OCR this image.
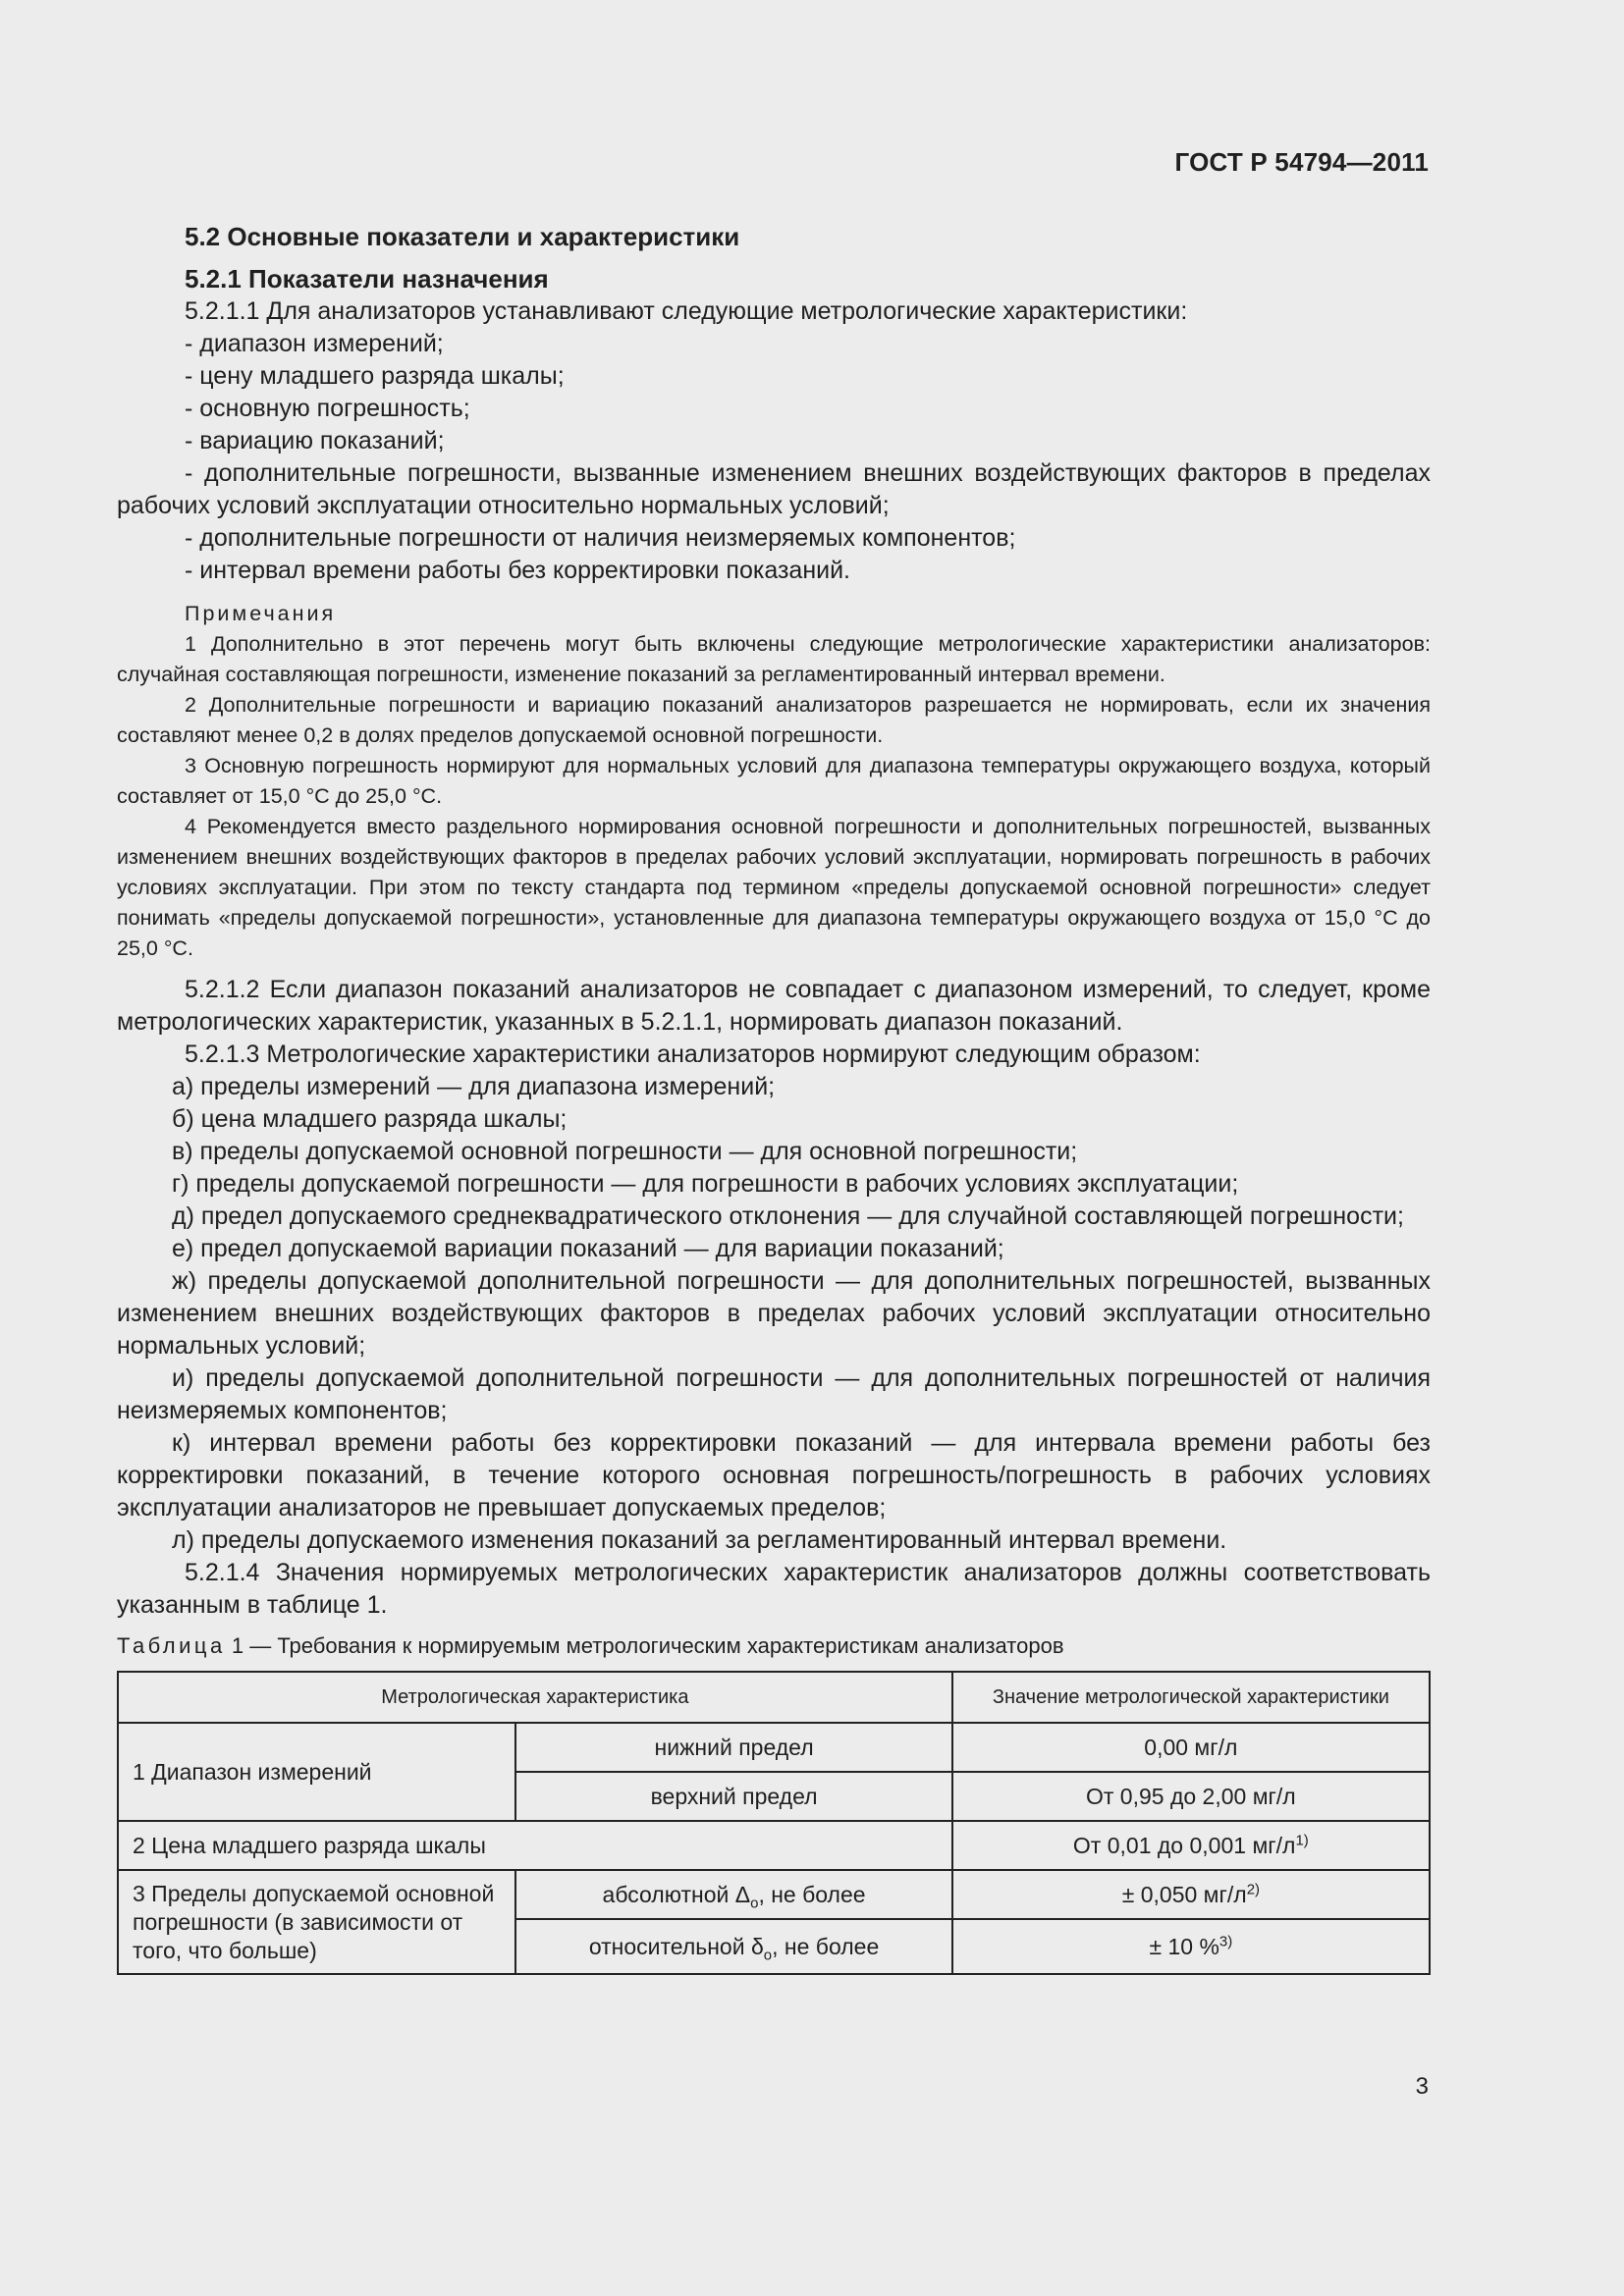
ГОСТ Р 54794—2011
5.2 Основные показатели и характеристики
5.2.1 Показатели назначения
5.2.1.1 Для анализаторов устанавливают следующие метрологические характеристики:
- диапазон измерений;
- цену младшего разряда шкалы;
- основную погрешность;
- вариацию показаний;
- дополнительные погрешности, вызванные изменением внешних воздействующих факторов в пределах рабочих условий эксплуатации относительно нормальных условий;
- дополнительные погрешности от наличия неизмеряемых компонентов;
- интервал времени работы без корректировки показаний.
Примечания
1 Дополнительно в этот перечень могут быть включены следующие метрологические характеристики анализаторов: случайная составляющая погрешности, изменение показаний за регламентированный интервал времени.
2 Дополнительные погрешности и вариацию показаний анализаторов разрешается не нормировать, если их значения составляют менее 0,2 в долях пределов допускаемой основной погрешности.
3 Основную погрешность нормируют для нормальных условий для диапазона температуры окружающего воздуха, который составляет от 15,0 °С до 25,0 °С.
4 Рекомендуется вместо раздельного нормирования основной погрешности и дополнительных погрешностей, вызванных изменением внешних воздействующих факторов в пределах рабочих условий эксплуатации, нормировать погрешность в рабочих условиях эксплуатации. При этом по тексту стандарта под термином «пределы допускаемой основной погрешности» следует понимать «пределы допускаемой погрешности», установленные для диапазона температуры окружающего воздуха от 15,0 °С до 25,0 °С.
5.2.1.2 Если диапазон показаний анализаторов не совпадает с диапазоном измерений, то следует, кроме метрологических характеристик, указанных в 5.2.1.1, нормировать диапазон показаний.
5.2.1.3 Метрологические характеристики анализаторов нормируют следующим образом:
а) пределы измерений — для диапазона измерений;
б) цена младшего разряда шкалы;
в) пределы допускаемой основной погрешности — для основной погрешности;
г) пределы допускаемой погрешности — для погрешности в рабочих условиях эксплуатации;
д) предел допускаемого среднеквадратического отклонения — для случайной составляющей погрешности;
е) предел допускаемой вариации показаний — для вариации показаний;
ж) пределы допускаемой дополнительной погрешности — для дополнительных погрешностей, вызванных изменением внешних воздействующих факторов в пределах рабочих условий эксплуатации относительно нормальных условий;
и) пределы допускаемой дополнительной погрешности — для дополнительных погрешностей от наличия неизмеряемых компонентов;
к) интервал времени работы без корректировки показаний — для интервала времени работы без корректировки показаний, в течение которого основная погрешность/погрешность в рабочих условиях эксплуатации анализаторов не превышает допускаемых пределов;
л) пределы допускаемого изменения показаний за регламентированный интервал времени.
5.2.1.4 Значения нормируемых метрологических характеристик анализаторов должны соответствовать указанным в таблице 1.
Таблица 1 — Требования к нормируемым метрологическим характеристикам анализаторов
Метрологическая характеристика		Значение метрологической характеристики
1 Диапазон измерений	нижний предел	0,00 мг/л
	верхний предел	От 0,95 до 2,00 мг/л
2 Цена младшего разряда шкалы		От 0,01 до 0,001 $мг/л^{1)}$
3 Пределы допускаемой основной погрешности (в зависимости от того, что больше)	абсолютной $\Delta_о$, не более	± 0,050 $мг/л^{2)}$
	относительной $\delta_о$, не более	± 10 %$^{3)}$
3
